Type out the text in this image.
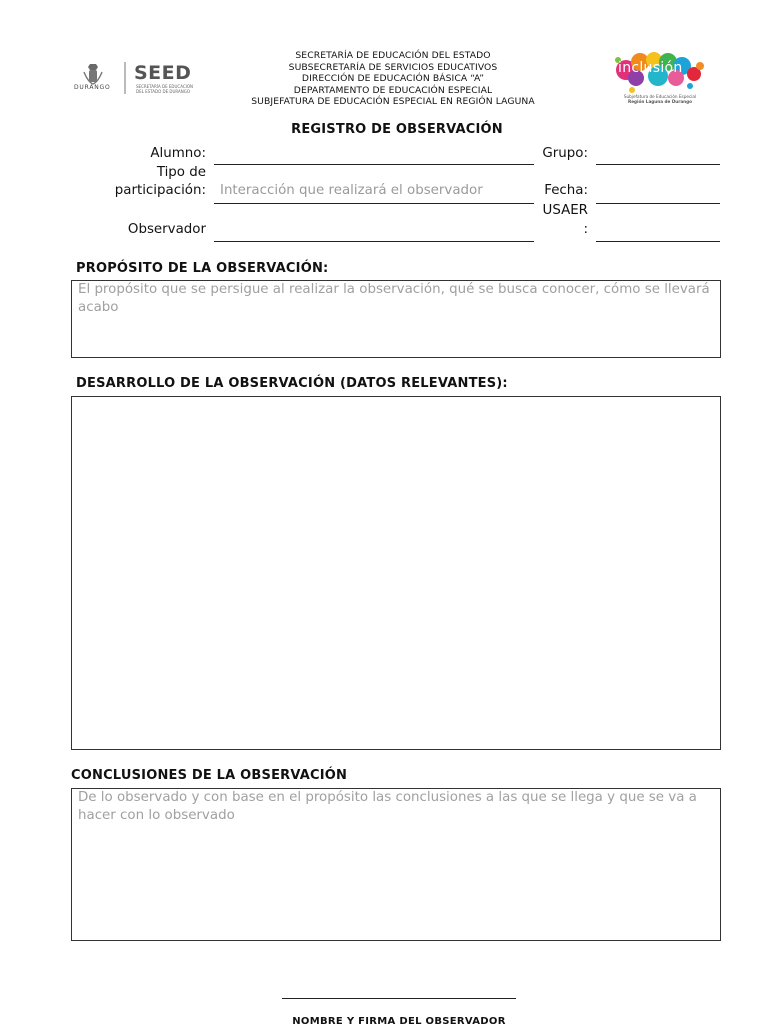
DURANGO
SEED
SECRETARÍA DE EDUCACIÓN DEL ESTADO DE DURANGO
SECRETARÍA DE EDUCACIÓN DEL ESTADO
SUBSECRETARÍA DE SERVICIOS EDUCATIVOS
DIRECCIÓN DE EDUCACIÓN BÁSICA “A”
DEPARTAMENTO DE EDUCACIÓN ESPECIAL
SUBJEFATURA DE EDUCACIÓN ESPECIAL EN REGIÓN LAGUNA
inclusión
Subjefatura de Educación Especial
Región Laguna de Durango
REGISTRO DE OBSERVACIÓN
Alumno:	Grupo:
Tipo de
participación: Interacción que realizará el observador	Fecha:
Observador
USAER
:
PROPÓSITO DE LA OBSERVACIÓN:
El propósito que se persigue al realizar la observación, qué se busca conocer, cómo se llevará acabo
DESARROLLO DE LA OBSERVACIÓN (DATOS RELEVANTES):
CONCLUSIONES DE LA OBSERVACIÓN
De lo observado y con base en el propósito las conclusiones a las que se llega y que se va a hacer con lo observado
NOMBRE Y FIRMA DEL OBSERVADOR
